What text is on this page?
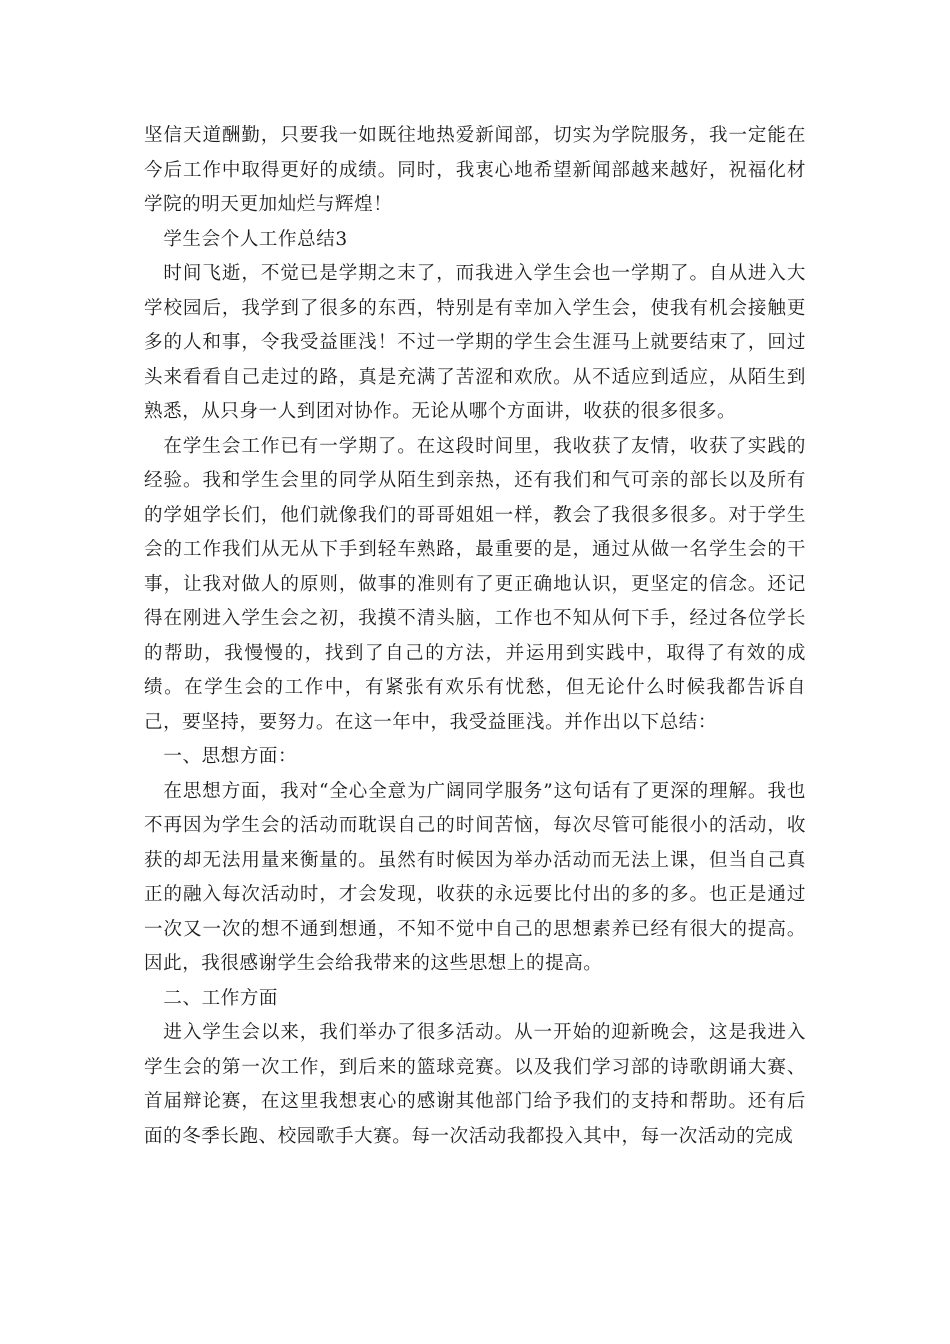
坚信天道酬勤，只要我一如既往地热爱新闻部，切实为学院服务，我一定能在今后工作中取得更好的成绩。同时，我衷心地希望新闻部越来越好，祝福化材学院的明天更加灿烂与辉煌！

学生会个人工作总结3

时间飞逝，不觉已是学期之末了，而我进入学生会也一学期了。自从进入大学校园后，我学到了很多的东西，特别是有幸加入学生会，使我有机会接触更多的人和事，令我受益匪浅！不过一学期的学生会生涯马上就要结束了，回过头来看看自己走过的路，真是充满了苦涩和欢欣。从不适应到适应，从陌生到熟悉，从只身一人到团对协作。无论从哪个方面讲，收获的很多很多。

在学生会工作已有一学期了。在这段时间里，我收获了友情，收获了实践的经验。我和学生会里的同学从陌生到亲热，还有我们和气可亲的部长以及所有的学姐学长们，他们就像我们的哥哥姐姐一样，教会了我很多很多。对于学生会的工作我们从无从下手到轻车熟路，最重要的是，通过从做一名学生会的干事，让我对做人的原则，做事的准则有了更正确地认识，更坚定的信念。还记得在刚进入学生会之初，我摸不清头脑，工作也不知从何下手，经过各位学长的帮助，我慢慢的，找到了自己的方法，并运用到实践中，取得了有效的成绩。在学生会的工作中，有紧张有欢乐有忧愁，但无论什么时候我都告诉自己，要坚持，要努力。在这一年中，我受益匪浅。并作出以下总结：

一、思想方面：

在思想方面，我对“全心全意为广阔同学服务”这句话有了更深的理解。我也不再因为学生会的活动而耽误自己的时间苦恼，每次尽管可能很小的活动，收获的却无法用量来衡量的。虽然有时候因为举办活动而无法上课，但当自己真正的融入每次活动时，才会发现，收获的永远要比付出的多的多。也正是通过一次又一次的想不通到想通，不知不觉中自己的思想素养已经有很大的提高。因此，我很感谢学生会给我带来的这些思想上的提高。

二、工作方面

进入学生会以来，我们举办了很多活动。从一开始的迎新晚会，这是我进入学生会的第一次工作，到后来的篮球竞赛。以及我们学习部的诗歌朗诵大赛、首届辩论赛，在这里我想衷心的感谢其他部门给予我们的支持和帮助。还有后面的冬季长跑、校园歌手大赛。每一次活动我都投入其中，每一次活动的完成
